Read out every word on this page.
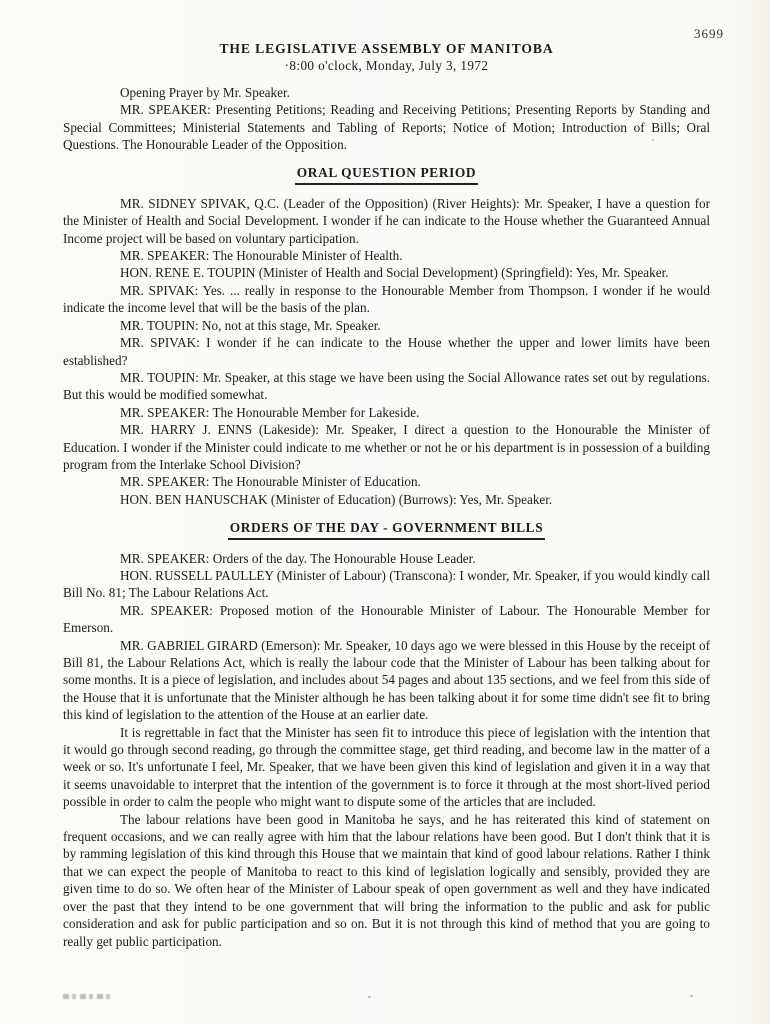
3699
THE LEGISLATIVE ASSEMBLY OF MANITOBA
·8:00 o'clock, Monday, July 3, 1972

Opening Prayer by Mr. Speaker.

MR. SPEAKER: Presenting Petitions; Reading and Receiving Petitions; Presenting Reports by Standing and Special Committees; Ministerial Statements and Tabling of Reports; Notice of Motion; Introduction of Bills; Oral Questions. The Honourable Leader of the Opposition.

ORAL QUESTION PERIOD

MR. SIDNEY SPIVAK, Q.C. (Leader of the Opposition) (River Heights): Mr. Speaker, I have a question for the Minister of Health and Social Development. I wonder if he can indicate to the House whether the Guaranteed Annual Income project will be based on voluntary participation.

MR. SPEAKER: The Honourable Minister of Health.

HON. RENE E. TOUPIN (Minister of Health and Social Development) (Springfield): Yes, Mr. Speaker.

MR. SPIVAK: Yes. ... really in response to the Honourable Member from Thompson. I wonder if he would indicate the income level that will be the basis of the plan.

MR. TOUPIN: No, not at this stage, Mr. Speaker.

MR. SPIVAK: I wonder if he can indicate to the House whether the upper and lower limits have been established?

MR. TOUPIN: Mr. Speaker, at this stage we have been using the Social Allowance rates set out by regulations. But this would be modified somewhat.

MR. SPEAKER: The Honourable Member for Lakeside.

MR. HARRY J. ENNS (Lakeside): Mr. Speaker, I direct a question to the Honourable the Minister of Education. I wonder if the Minister could indicate to me whether or not he or his department is in possession of a building program from the Interlake School Division?

MR. SPEAKER: The Honourable Minister of Education.

HON. BEN HANUSCHAK (Minister of Education) (Burrows): Yes, Mr. Speaker.

ORDERS OF THE DAY - GOVERNMENT BILLS

MR. SPEAKER: Orders of the day. The Honourable House Leader.

HON. RUSSELL PAULLEY (Minister of Labour) (Transcona): I wonder, Mr. Speaker, if you would kindly call Bill No. 81; The Labour Relations Act.

MR. SPEAKER: Proposed motion of the Honourable Minister of Labour. The Honourable Member for Emerson.

MR. GABRIEL GIRARD (Emerson): Mr. Speaker, 10 days ago we were blessed in this House by the receipt of Bill 81, the Labour Relations Act, which is really the labour code that the Minister of Labour has been talking about for some months. It is a piece of legislation, and includes about 54 pages and about 135 sections, and we feel from this side of the House that it is unfortunate that the Minister although he has been talking about it for some time didn't see fit to bring this kind of legislation to the attention of the House at an earlier date.

It is regrettable in fact that the Minister has seen fit to introduce this piece of legislation with the intention that it would go through second reading, go through the committee stage, get third reading, and become law in the matter of a week or so. It's unfortunate I feel, Mr. Speaker, that we have been given this kind of legislation and given it in a way that it seems unavoidable to interpret that the intention of the government is to force it through at the most short-lived period possible in order to calm the people who might want to dispute some of the articles that are included.

The labour relations have been good in Manitoba he says, and he has reiterated this kind of statement on frequent occasions, and we can really agree with him that the labour relations have been good. But I don't think that it is by ramming legislation of this kind through this House that we maintain that kind of good labour relations. Rather I think that we can expect the people of Manitoba to react to this kind of legislation logically and sensibly, provided they are given time to do so. We often hear of the Minister of Labour speak of open government as well and they have indicated over the past that they intend to be one government that will bring the information to the public and ask for public consideration and ask for public participation and so on. But it is not through this kind of method that you are going to really get public participation.
